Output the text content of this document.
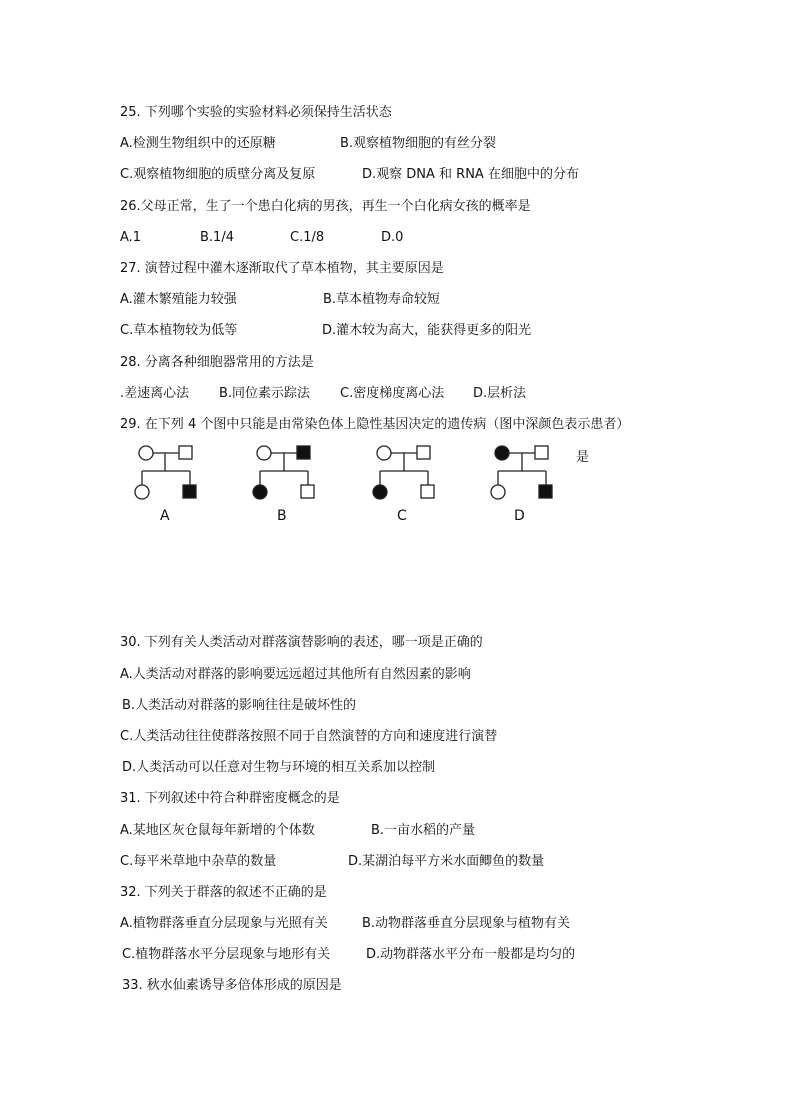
25. 下列哪个实验的实验材料必须保持生活状态
A.检测生物组织中的还原糖	B.观察植物细胞的有丝分裂
C.观察植物细胞的质壁分离及复原	D.观察 DNA 和 RNA 在细胞中的分布
26.父母正常，生了一个患白化病的男孩，再生一个白化病女孩的概率是
A.1	B.1/4	C.1/8	D.0
27. 演替过程中灌木逐渐取代了草本植物，其主要原因是
A.灌木繁殖能力较强	B.草本植物寿命较短
C.草本植物较为低等	D.灌木较为高大，能获得更多的阳光
28. 分离各种细胞器常用的方法是
.差速离心法 B.同位素示踪法 C.密度梯度离心法 D.层析法
29. 在下列 4 个图中只能是由常染色体上隐性基因决定的遗传病（图中深颜色表示患者）
A	B	C	D
是
30. 下列有关人类活动对群落演替影响的表述，哪一项是正确的
A.人类活动对群落的影响要远远超过其他所有自然因素的影响
B.人类活动对群落的影响往往是破坏性的
C.人类活动往往使群落按照不同于自然演替的方向和速度进行演替
D.人类活动可以任意对生物与环境的相互关系加以控制
31. 下列叙述中符合种群密度概念的是
A.某地区灰仓鼠每年新增的个体数	B.一亩水稻的产量
C.每平米草地中杂草的数量	D.某湖泊每平方米水面鲫鱼的数量
32. 下列关于群落的叙述不正确的是
A.植物群落垂直分层现象与光照有关	B.动物群落垂直分层现象与植物有关
C.植物群落水平分层现象与地形有关	D.动物群落水平分布一般都是均匀的
33. 秋水仙素诱导多倍体形成的原因是
